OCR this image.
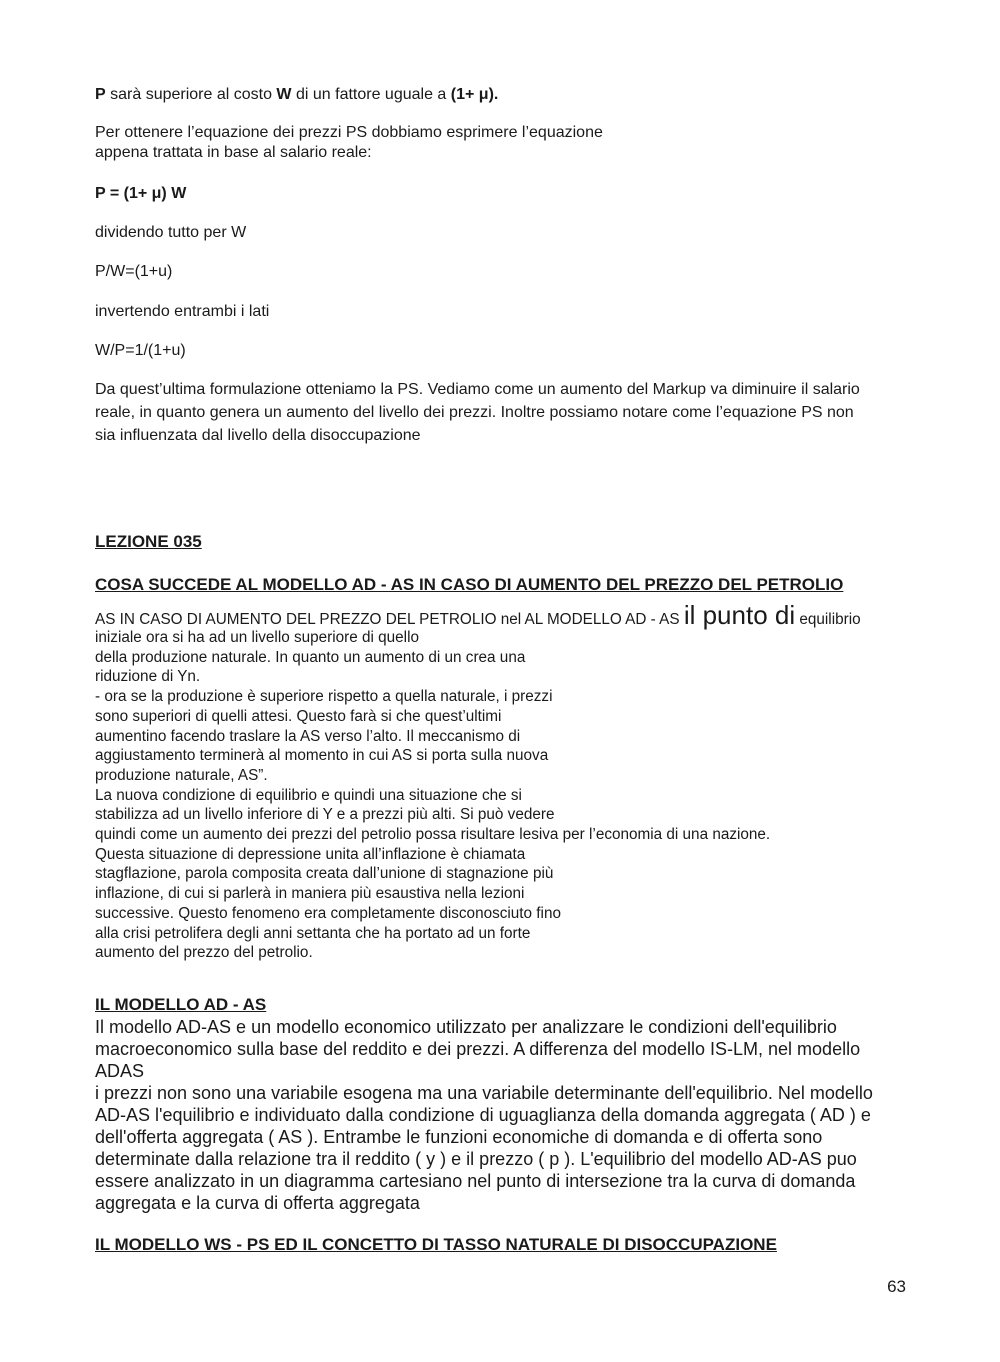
P sarà superiore al costo W di un fattore uguale a (1+ μ).

Per ottenere l’equazione dei prezzi PS dobbiamo esprimere l’equazione
appena trattata in base al salario reale:

P = (1+ μ) W

dividendo tutto per W

P/W=(1+u)

invertendo entrambi i lati

W/P=1/(1+u)

Da quest’ultima formulazione otteniamo la PS. Vediamo come un aumento del Markup va diminuire il salario
reale, in quanto genera un aumento del livello dei prezzi. Inoltre possiamo notare come l’equazione PS non
sia influenzata dal livello della disoccupazione

LEZIONE 035

COSA SUCCEDE AL MODELLO AD - AS IN CASO DI AUMENTO DEL PREZZO DEL PETROLIO

AS IN CASO DI AUMENTO DEL PREZZO DEL PETROLIO nel AL MODELLO AD - AS il punto di equilibrio

iniziale ora si ha ad un livello superiore di quello
della produzione naturale. In quanto un aumento di un crea una
riduzione di Yn.
- ora se la produzione è superiore rispetto a quella naturale, i prezzi
sono superiori di quelli attesi. Questo farà si che quest’ultimi
aumentino facendo traslare la AS verso l’alto. Il meccanismo di
aggiustamento terminerà al momento in cui AS si porta sulla nuova
produzione naturale, AS”.
La nuova condizione di equilibrio e quindi una situazione che si
stabilizza ad un livello inferiore di Y e a prezzi più alti. Si può vedere
quindi come un aumento dei prezzi del petrolio possa risultare lesiva per l’economia di una nazione.
Questa situazione di depressione unita all’inflazione è chiamata
stagflazione, parola composita creata dall’unione di stagnazione più
inflazione, di cui si parlerà in maniera più esaustiva nella lezioni
successive. Questo fenomeno era completamente disconosciuto fino
alla crisi petrolifera degli anni settanta che ha portato ad un forte
aumento del prezzo del petrolio.

IL MODELLO AD - AS

Il modello AD-AS e un modello economico utilizzato per analizzare le condizioni dell'equilibrio
macroeconomico sulla base del reddito e dei prezzi. A differenza del modello IS-LM, nel modello
ADAS
i prezzi non sono una variabile esogena ma una variabile determinante dell'equilibrio. Nel modello
AD-AS l'equilibrio e individuato dalla condizione di uguaglianza della domanda aggregata ( AD ) e
dell'offerta aggregata ( AS ). Entrambe le funzioni economiche di domanda e di offerta sono
determinate dalla relazione tra il reddito ( y ) e il prezzo ( p ). L'equilibrio del modello AD-AS puo
essere analizzato in un diagramma cartesiano nel punto di intersezione tra la curva di domanda
aggregata e la curva di offerta aggregata

IL MODELLO WS - PS ED IL CONCETTO DI TASSO NATURALE DI DISOCCUPAZIONE

63
